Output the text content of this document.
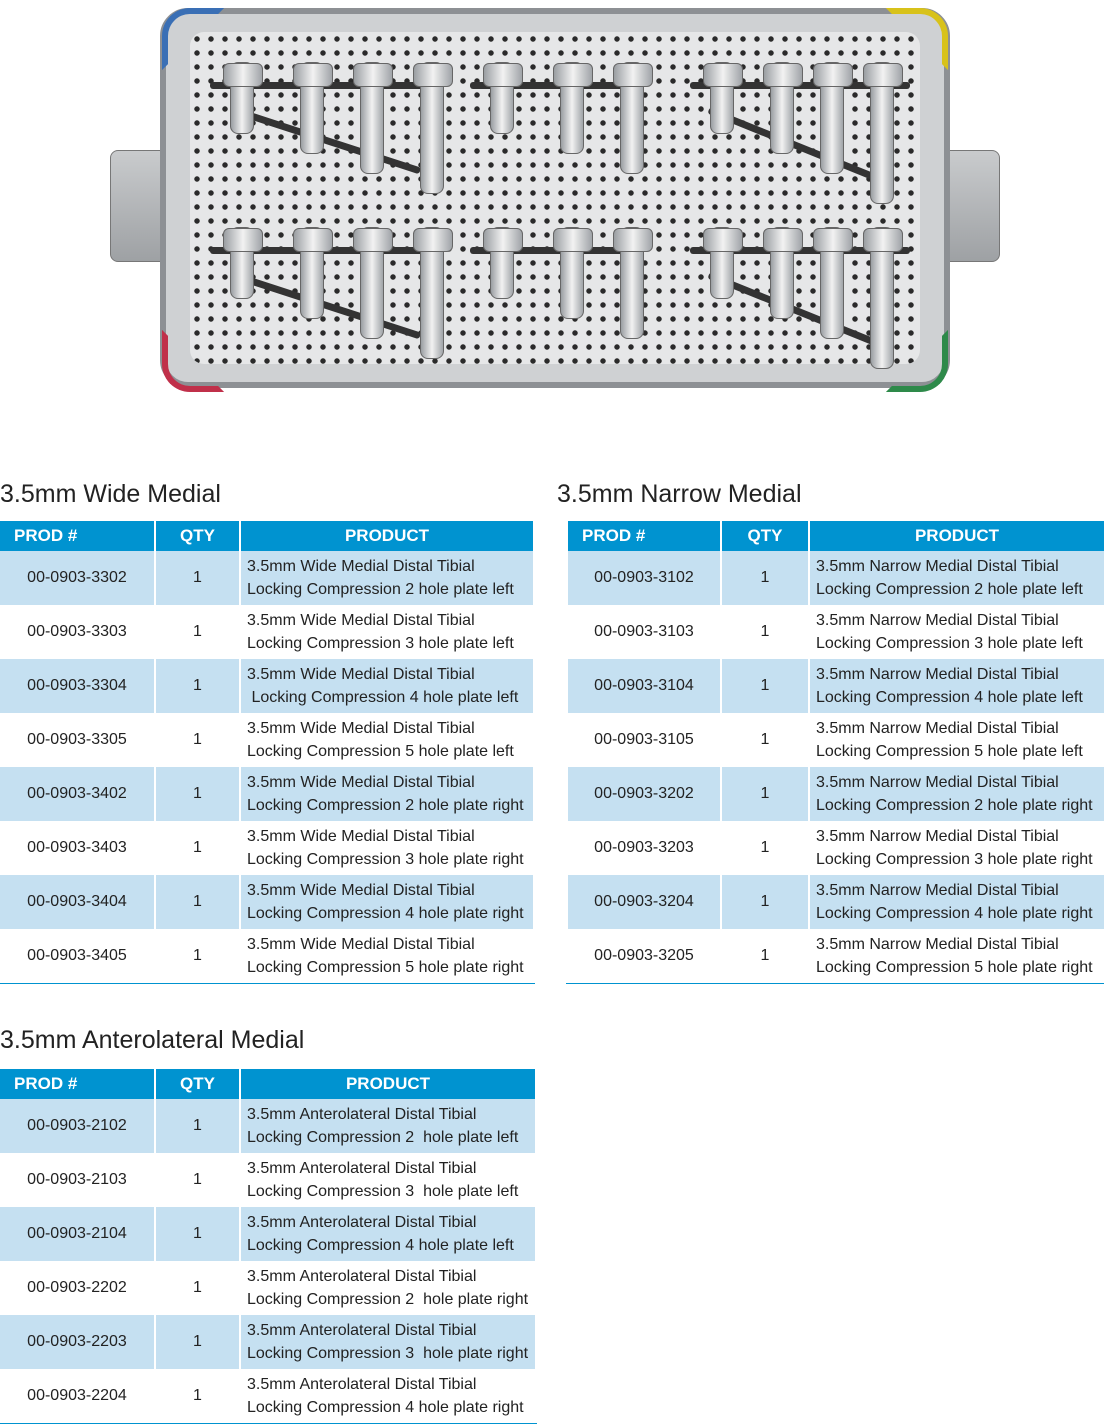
3.5mm Wide Medial	3.5mm Narrow Medial
3.5mm Anterolateral Medial
PROD #	QTY	PRODUCT
00-0903-3302	1	3.5mm Wide Medial Distal Tibial
Locking Compression 2 hole plate left
00-0903-3303	1	3.5mm Wide Medial Distal Tibial
Locking Compression 3 hole plate left
00-0903-3304	1	3.5mm Wide Medial Distal Tibial
Locking Compression 4 hole plate left
00-0903-3305	1	3.5mm Wide Medial Distal Tibial
Locking Compression 5 hole plate left
00-0903-3402	1	3.5mm Wide Medial Distal Tibial
Locking Compression 2 hole plate right
00-0903-3403	1	3.5mm Wide Medial Distal Tibial
Locking Compression 3 hole plate right
00-0903-3404	1	3.5mm Wide Medial Distal Tibial
Locking Compression 4 hole plate right
00-0903-3405	1	3.5mm Wide Medial Distal Tibial
Locking Compression 5 hole plate right
PROD #	QTY	PRODUCT
00-0903-3102	1	3.5mm Narrow Medial Distal Tibial
Locking Compression 2 hole plate left
00-0903-3103	1	3.5mm Narrow Medial Distal Tibial
Locking Compression 3 hole plate left
00-0903-3104	1	3.5mm Narrow Medial Distal Tibial
Locking Compression 4 hole plate left
00-0903-3105	1	3.5mm Narrow Medial Distal Tibial
Locking Compression 5 hole plate left
00-0903-3202	1	3.5mm Narrow Medial Distal Tibial
Locking Compression 2 hole plate right
00-0903-3203	1	3.5mm Narrow Medial Distal Tibial
Locking Compression 3 hole plate right
00-0903-3204	1	3.5mm Narrow Medial Distal Tibial
Locking Compression 4 hole plate right
00-0903-3205	1	3.5mm Narrow Medial Distal Tibial
Locking Compression 5 hole plate right
PROD #	QTY	PRODUCT
00-0903-2102	1	3.5mm Anterolateral Distal Tibial
Locking Compression 2  hole plate left
00-0903-2103	1	3.5mm Anterolateral Distal Tibial
Locking Compression 3  hole plate left
00-0903-2104	1	3.5mm Anterolateral Distal Tibial
Locking Compression 4 hole plate left
00-0903-2202	1	3.5mm Anterolateral Distal Tibial
Locking Compression 2  hole plate right
00-0903-2203	1	3.5mm Anterolateral Distal Tibial
Locking Compression 3  hole plate right
00-0903-2204	1	3.5mm Anterolateral Distal Tibial
Locking Compression 4 hole plate right
